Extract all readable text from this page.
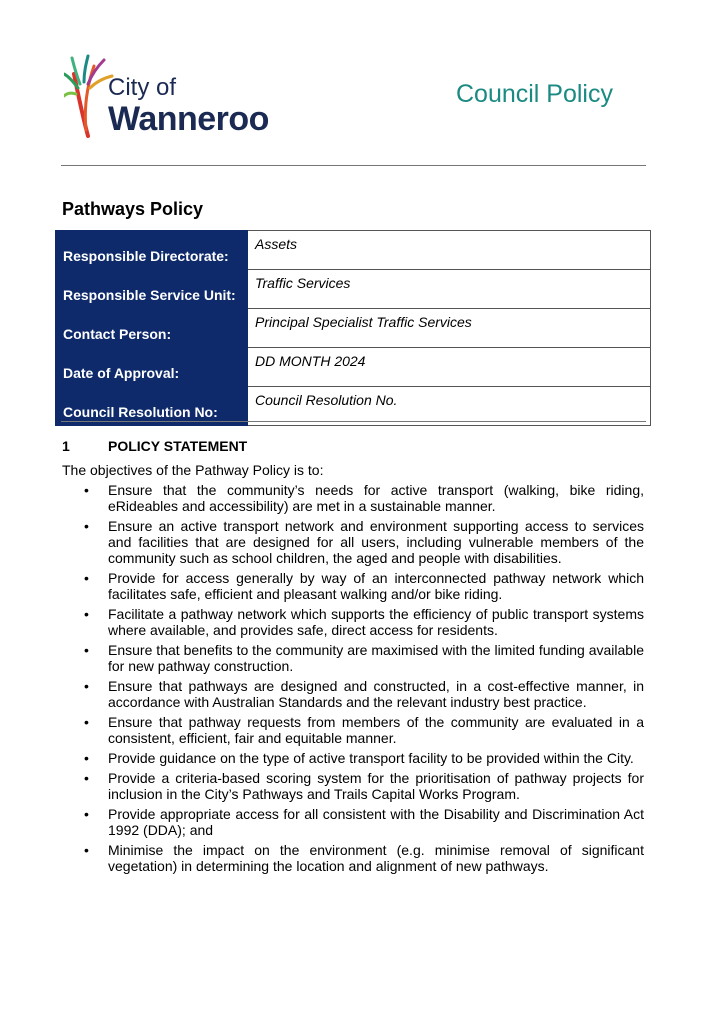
City of
Wanneroo
Council Policy
Pathways Policy
Responsible Directorate:	Assets
Responsible Service Unit:	Traffic Services
Contact Person:	Principal Specialist Traffic Services
Date of Approval:	DD MONTH 2024
Council Resolution No:	Council Resolution No.
1	POLICY STATEMENT
The objectives of the Pathway Policy is to:
• Ensure that the community’s needs for active transport (walking, bike riding, eRideables and accessibility) are met in a sustainable manner.
• Ensure an active transport network and environment supporting access to services and facilities that are designed for all users, including vulnerable members of the community such as school children, the aged and people with disabilities.
• Provide for access generally by way of an interconnected pathway network which facilitates safe, efficient and pleasant walking and/or bike riding.
• Facilitate a pathway network which supports the efficiency of public transport systems where available, and provides safe, direct access for residents.
• Ensure that benefits to the community are maximised with the limited funding available for new pathway construction.
• Ensure that pathways are designed and constructed, in a cost-effective manner, in accordance with Australian Standards and the relevant industry best practice.
• Ensure that pathway requests from members of the community are evaluated in a consistent, efficient, fair and equitable manner.
• Provide guidance on the type of active transport facility to be provided within the City.
• Provide a criteria-based scoring system for the prioritisation of pathway projects for inclusion in the City’s Pathways and Trails Capital Works Program.
• Provide appropriate access for all consistent with the Disability and Discrimination Act 1992 (DDA); and
• Minimise the impact on the environment (e.g. minimise removal of significant vegetation) in determining the location and alignment of new pathways.
